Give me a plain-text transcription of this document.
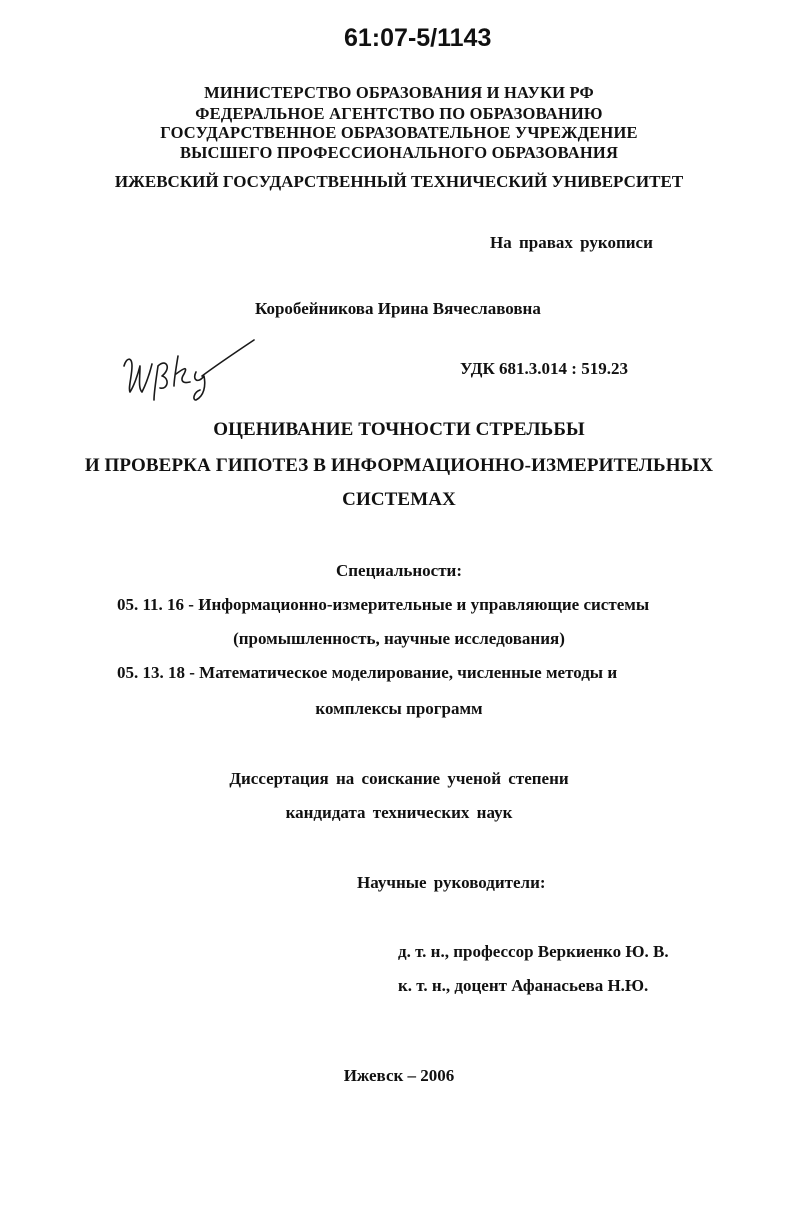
61:07-5/1143
МИНИСТЕРСТВО ОБРАЗОВАНИЯ И НАУКИ РФ
ФЕДЕРАЛЬНОЕ АГЕНТСТВО ПО ОБРАЗОВАНИЮ
ГОСУДАРСТВЕННОЕ ОБРАЗОВАТЕЛЬНОЕ УЧРЕЖДЕНИЕ
ВЫСШЕГО ПРОФЕССИОНАЛЬНОГО ОБРАЗОВАНИЯ
ИЖЕВСКИЙ ГОСУДАРСТВЕННЫЙ ТЕХНИЧЕСКИЙ УНИВЕРСИТЕТ
На правах рукописи
Коробейникова Ирина Вячеславовна
УДК 681.3.014 : 519.23
ОЦЕНИВАНИЕ ТОЧНОСТИ СТРЕЛЬБЫ
И ПРОВЕРКА ГИПОТЕЗ В ИНФОРМАЦИОННО-ИЗМЕРИТЕЛЬНЫХ
СИСТЕМАХ
Специальности:
05. 11. 16 - Информационно-измерительные и управляющие системы
(промышленность, научные исследования)
05. 13. 18 - Математическое моделирование, численные методы и
комплексы программ
Диссертация на соискание ученой степени
кандидата технических наук
Научные руководители:
д. т. н., профессор Веркиенко Ю. В.
к. т. н., доцент Афанасьева Н.Ю.
Ижевск – 2006
